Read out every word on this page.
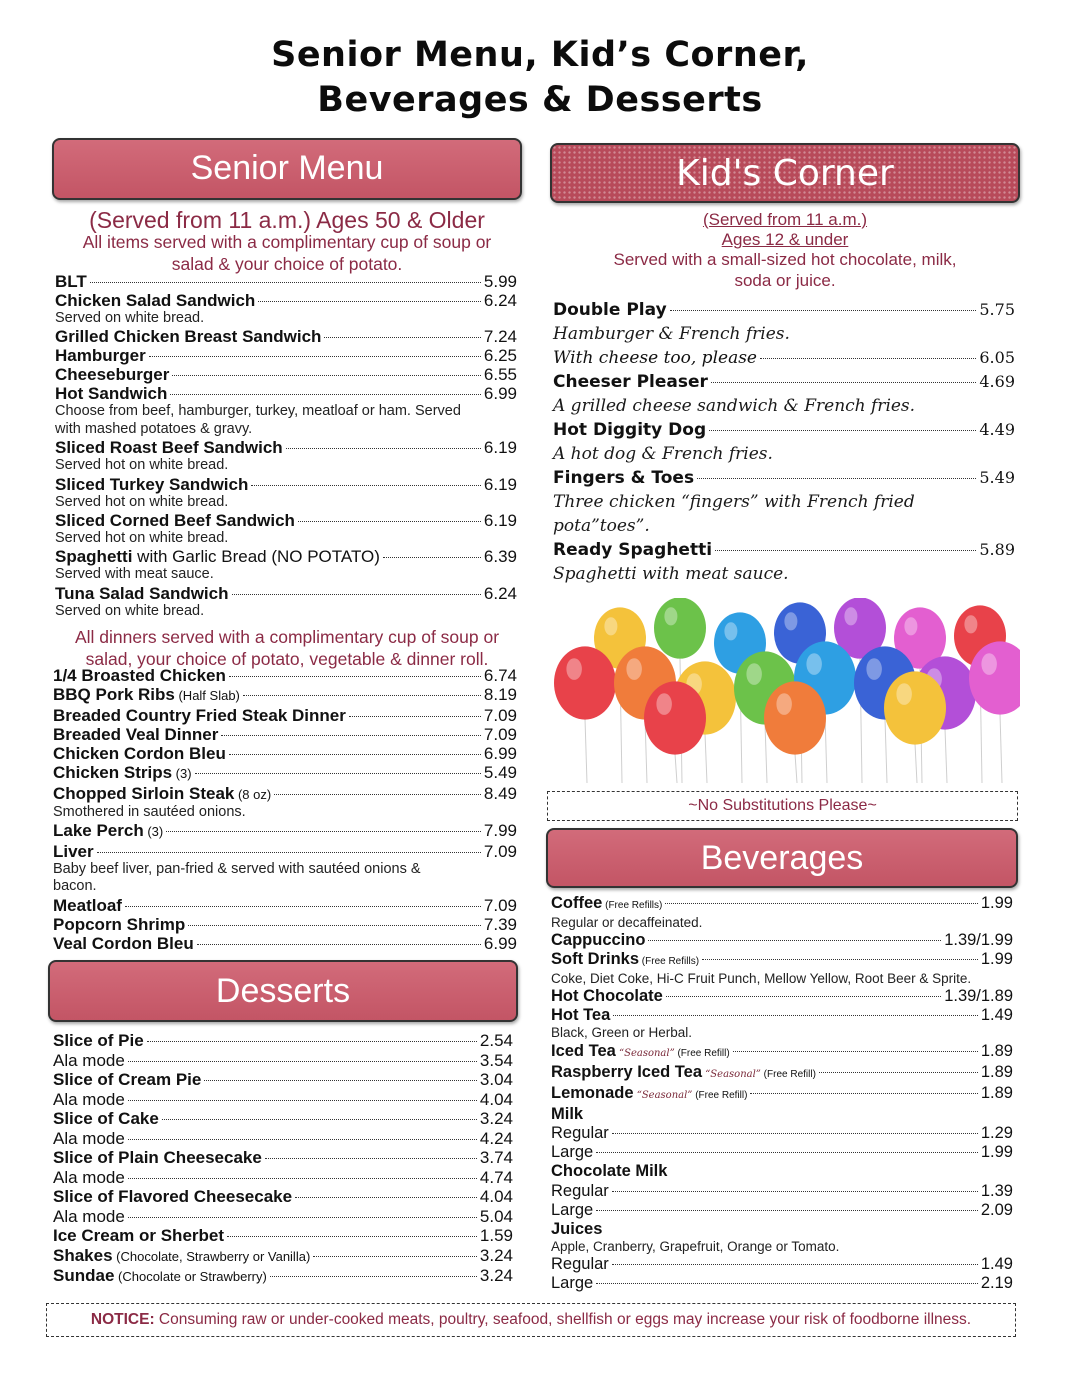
Senior Menu, Kid’s Corner,
Beverages & Desserts
Senior Menu
(Served from 11 a.m.) Ages 50 & Older
All items served with a complimentary cup of soup or salad & your choice of potato.
BLT	5.99
Chicken Salad Sandwich	6.24
Served on white bread.
Grilled Chicken Breast Sandwich	7.24
Hamburger	6.25
Cheeseburger	6.55
Hot Sandwich	6.99
Choose from beef, hamburger, turkey, meatloaf or ham. Served
with mashed potatoes & gravy.
Sliced Roast Beef Sandwich	6.19
Served hot on white bread.
Sliced Turkey Sandwich	6.19
Served hot on white bread.
Sliced Corned Beef Sandwich	6.19
Served hot on white bread.
Spaghetti with Garlic Bread (NO POTATO)	6.39
Served with meat sauce.
Tuna Salad Sandwich	6.24
Served on white bread.
All dinners served with a complimentary cup of soup or salad, your choice of potato, vegetable & dinner roll.
1/4 Broasted Chicken	6.74
BBQ Pork Ribs (Half Slab)	8.19
Breaded Country Fried Steak Dinner	7.09
Breaded Veal Dinner	7.09
Chicken Cordon Bleu	6.99
Chicken Strips (3)	5.49
Chopped Sirloin Steak (8 oz)	8.49
Smothered in sautéed onions.
Lake Perch (3)	7.99
Liver	7.09
Baby beef liver, pan-fried & served with sautéed onions &
bacon.
Meatloaf	7.09
Popcorn Shrimp	7.39
Veal Cordon Bleu	6.99
Desserts
Slice of Pie	2.54
Ala mode	3.54
Slice of Cream Pie	3.04
Ala mode	4.04
Slice of Cake	3.24
Ala mode	4.24
Slice of Plain Cheesecake	3.74
Ala mode	4.74
Slice of Flavored Cheesecake	4.04
Ala mode	5.04
Ice Cream or Sherbet	1.59
Shakes (Chocolate, Strawberry or Vanilla)	3.24
Sundae (Chocolate or Strawberry)	3.24
Kid's Corner
(Served from 11 a.m.)
Ages 12 & under
Served with a small-sized hot chocolate, milk, soda or juice.
Double Play	5.75
Hamburger & French fries.
With cheese too, please	6.05
Cheeser Pleaser	4.69
A grilled cheese sandwich & French fries.
Hot Diggity Dog	4.49
A hot dog & French fries.
Fingers & Toes	5.49
Three chicken “fingers” with French fried
pota”toes”.
Ready Spaghetti	5.89
Spaghetti with meat sauce.
~No Substitutions Please~
Beverages
Coffee (Free Refills)	1.99
Regular or decaffeinated.
Cappuccino	1.39/1.99
Soft Drinks (Free Refills)	1.99
Coke, Diet Coke, Hi-C Fruit Punch, Mellow Yellow, Root Beer & Sprite.
Hot Chocolate	1.39/1.89
Hot Tea	1.49
Black, Green or Herbal.
Iced Tea “Seasonal” (Free Refill)	1.89
Raspberry Iced Tea “Seasonal” (Free Refill)	1.89
Lemonade “Seasonal” (Free Refill)	1.89
Milk
Regular	1.29
Large	1.99
Chocolate Milk
Regular	1.39
Large	2.09
Juices
Apple, Cranberry, Grapefruit, Orange or Tomato.
Regular	1.49
Large	2.19
NOTICE: Consuming raw or under-cooked meats, poultry, seafood, shellfish or eggs may increase your risk of foodborne illness.
